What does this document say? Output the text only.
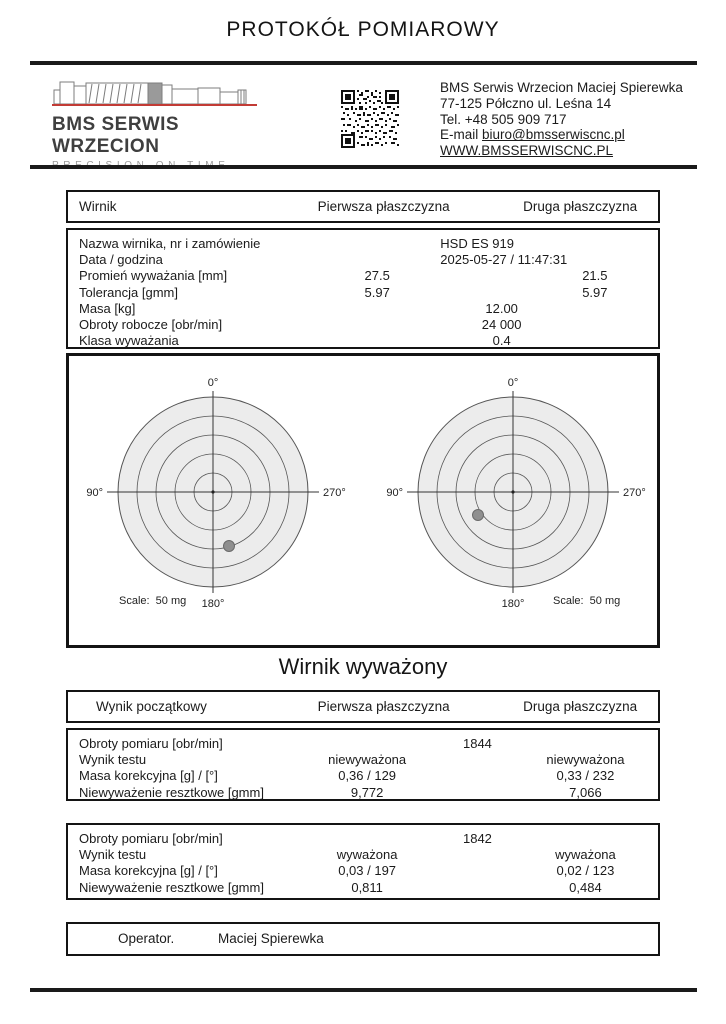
PROTOKÓŁ POMIAROWY
BMS SERWIS WRZECION
BMS Serwis Wrzecion Maciej Spierewka
77-125 Półczno ul. Leśna 14
Tel. +48 505 909 717
E-mail biuro@bmsserwiscnc.pl
WWW.BMSSERWISCNC.PL
Wirnik	Pierwsza płaszczyzna	Druga płaszczyzna
Nazwa wirnika, nr i zamówienie	HSD ES 919
Data / godzina	2025-05-27 / 11:47:31
Promień wyważania [mm]	27.5	21.5
Tolerancja [gmm]	5.97	5.97
Masa [kg]	12.00
Obroty robocze [obr/min]	24 000
Klasa wyważania	0.4
0°
90°	270°
180°
Scale:  50 mg
0°
90°	270°
180°	Scale:  50 mg
Wirnik wyważony
Wynik początkowy	Pierwsza płaszczyzna	Druga płaszczyzna
Obroty pomiaru [obr/min]	1844
Wynik testu	niewyważona	niewyważona
Masa korekcyjna [g] / [°]	0,36 / 129	0,33 / 232
Niewyważenie resztkowe [gmm]	9,772	7,066
Obroty pomiaru [obr/min]	1842
Wynik testu	wyważona	wyważona
Masa korekcyjna [g] / [°]	0,03 / 197	0,02 / 123
Niewyważenie resztkowe [gmm]	0,811	0,484
Operator.	Maciej Spierewka
